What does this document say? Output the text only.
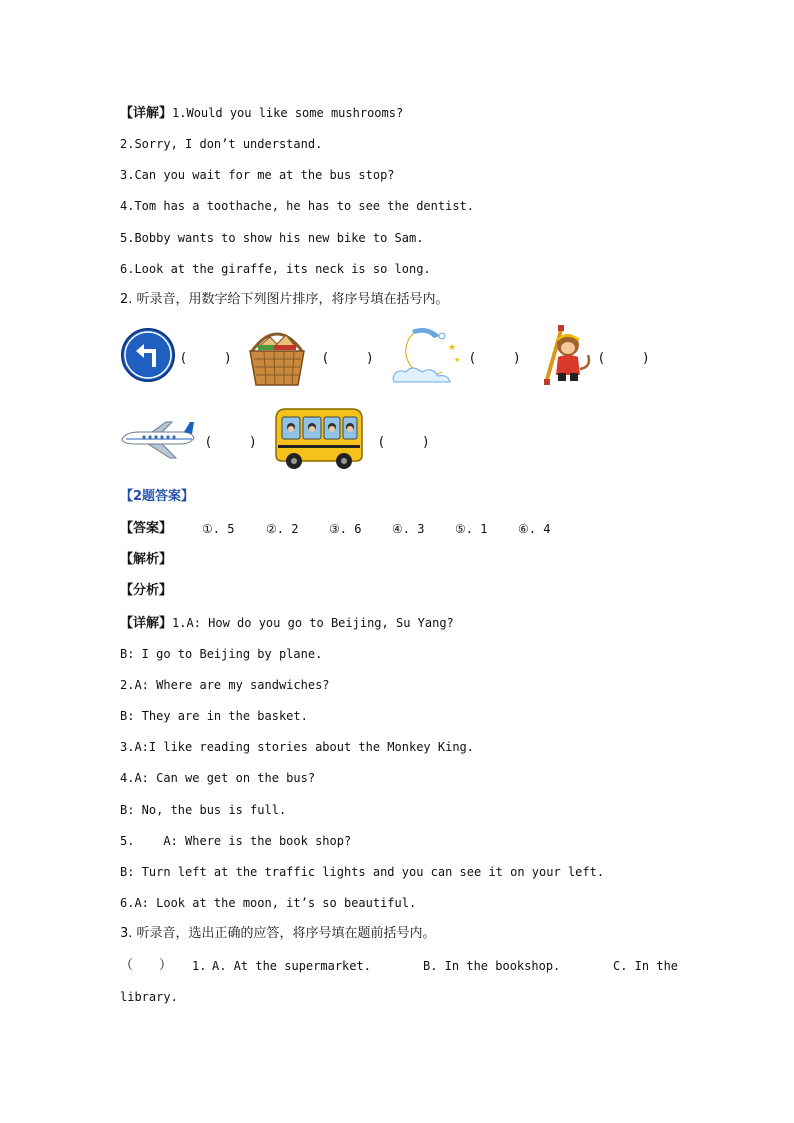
【详解】1.Would you like some mushrooms?
2.Sorry, I don’t understand.
3.Can you wait for me at the bus stop?
4.Tom has a toothache, he has to see the dentist.
5.Bobby wants to show his new bike to Sam.
6.Look at the giraffe, its neck is so long.
2. 听录音，用数字给下列图片排序，将序号填在括号内。
(　　　)	(　　　)
★
★ (　　　)	(　　　)
(　　　)	(　　　)
【2题答案】

【答案】

①. 5

	②. 2

	③. 6

	④. 3

	⑤. 1

	⑥. 4

【解析】
【分析】
【详解】1.A: How do you go to Beijing, Su Yang?
B: I go to Beijing by plane.
2.A: Where are my sandwiches?
B: They are in the basket.
3.A:I like reading stories about the Monkey King.
4.A: Can we get on the bus?
B: No, the bus is full.
5.    A: Where is the book shop?
B: Turn left at the traffic lights and you can see it on your left.
6.A: Look at the moon, it’s so beautiful.
3. 听录音，选出正确的应答，将序号填在题前括号内。

（　　）

1.

A. At the supermarket.

	B. In the bookshop.

	C. In the

library.
